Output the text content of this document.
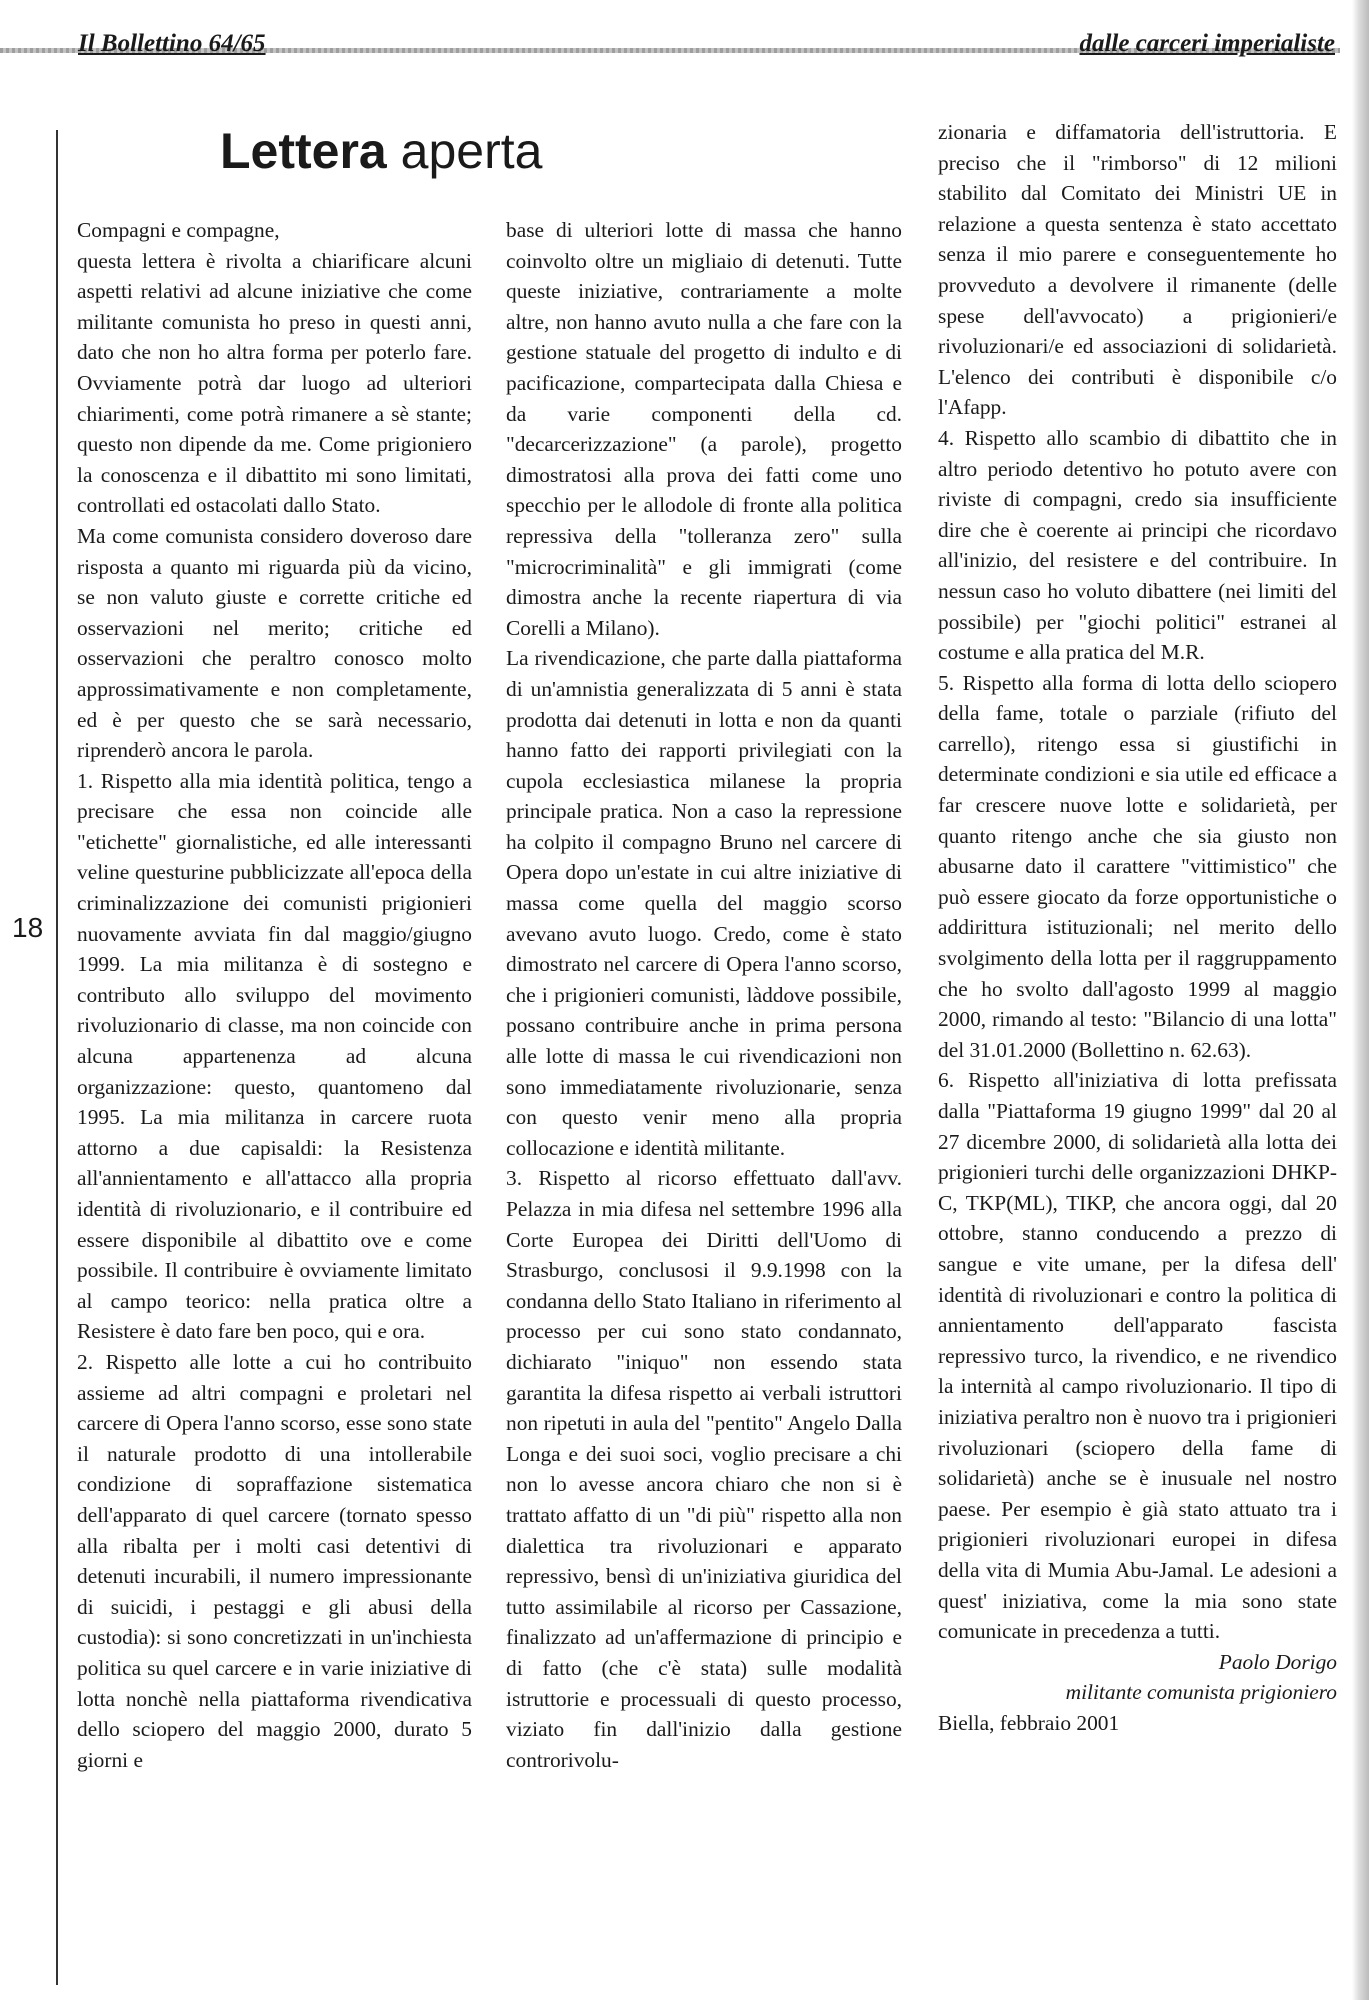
Il Bollettino 64/65	dalle carceri imperialiste
18
Lettera aperta

Compagni e compagne,

questa lettera è rivolta a chiarificare alcuni aspetti relativi ad alcune iniziative che come militante comunista ho preso in questi anni, dato che non ho altra forma per poterlo fare. Ovviamente potrà dar luogo ad ulteriori chiarimenti, come potrà rimanere a sè stante; questo non dipende da me. Come prigioniero la conoscenza e il dibattito mi sono limitati, controllati ed ostacolati dallo Stato.

Ma come comunista considero doveroso dare risposta a quanto mi riguarda più da vicino, se non valuto giuste e corrette critiche ed osservazioni nel merito; critiche ed osservazioni che peraltro conosco molto approssimativamente e non completamente, ed è per questo che se sarà necessario, riprenderò ancora le parola.

1. Rispetto alla mia identità politica, tengo a precisare che essa non coincide alle "etichette" giornalistiche, ed alle interessanti veline questurine pubblicizzate all'epoca della criminalizzazione dei comunisti prigionieri nuovamente avviata fin dal maggio/giugno 1999. La mia militanza è di sostegno e contributo allo sviluppo del movimento rivoluzionario di classe, ma non coincide con alcuna appartenenza ad alcuna organizzazione: questo, quantomeno dal 1995. La mia militanza in carcere ruota attorno a due capisaldi: la Resistenza all'annientamento e all'attacco alla propria identità di rivoluzionario, e il contribuire ed essere disponibile al dibattito ove e come possibile. Il contribuire è ovviamente limitato al campo teorico: nella pratica oltre a Resistere è dato fare ben poco, qui e ora.

2. Rispetto alle lotte a cui ho contribuito assieme ad altri compagni e proletari nel carcere di Opera l'anno scorso, esse sono state il naturale prodotto di una intollerabile condizione di sopraffazione sistematica dell'apparato di quel carcere (tornato spesso alla ribalta per i molti casi detentivi di detenuti incurabili, il numero impressionante di suicidi, i pestaggi e gli abusi della custodia): si sono concretizzati in un'inchiesta politica su quel carcere e in varie iniziative di lotta nonchè nella piattaforma rivendicativa dello sciopero del maggio 2000, durato 5 giorni e

base di ulteriori lotte di massa che hanno coinvolto oltre un migliaio di detenuti. Tutte queste iniziative, contrariamente a molte altre, non hanno avuto nulla a che fare con la gestione statuale del progetto di indulto e di pacificazione, compartecipata dalla Chiesa e da varie componenti della cd. "decarcerizzazione" (a parole), progetto dimostratosi alla prova dei fatti come uno specchio per le allodole di fronte alla politica repressiva della "tolleranza zero" sulla "microcriminalità" e gli immigrati (come dimostra anche la recente riapertura di via Corelli a Milano).

La rivendicazione, che parte dalla piattaforma di un'amnistia generalizzata di 5 anni è stata prodotta dai detenuti in lotta e non da quanti hanno fatto dei rapporti privilegiati con la cupola ecclesiastica milanese la propria principale pratica. Non a caso la repressione ha colpito il compagno Bruno nel carcere di Opera dopo un'estate in cui altre iniziative di massa come quella del maggio scorso avevano avuto luogo. Credo, come è stato dimostrato nel carcere di Opera l'anno scorso, che i prigionieri comunisti, làddove possibile, possano contribuire anche in prima persona alle lotte di massa le cui rivendicazioni non sono immediatamente rivoluzionarie, senza con questo venir meno alla propria collocazione e identità militante.

3. Rispetto al ricorso effettuato dall'avv. Pelazza in mia difesa nel settembre 1996 alla Corte Europea dei Diritti dell'Uomo di Strasburgo, conclusosi il 9.9.1998 con la condanna dello Stato Italiano in riferimento al processo per cui sono stato condannato, dichiarato "iniquo" non essendo stata garantita la difesa rispetto ai verbali istruttori non ripetuti in aula del "pentito" Angelo Dalla Longa e dei suoi soci, voglio precisare a chi non lo avesse ancora chiaro che non si è trattato affatto di un "di più" rispetto alla non dialettica tra rivoluzionari e apparato repressivo, bensì di un'iniziativa giuridica del tutto assimilabile al ricorso per Cassazione, finalizzato ad un'affermazione di principio e di fatto (che c'è stata) sulle modalità istruttorie e processuali di questo processo, viziato fin dall'inizio dalla gestione controrivolu-

zionaria e diffamatoria dell'istruttoria. E preciso che il "rimborso" di 12 milioni stabilito dal Comitato dei Ministri UE in relazione a questa sentenza è stato accettato senza il mio parere e conseguentemente ho provveduto a devolvere il rimanente (delle spese dell'avvocato) a prigionieri/e rivoluzionari/e ed associazioni di solidarietà. L'elenco dei contributi è disponibile c/o l'Afapp.

4. Rispetto allo scambio di dibattito che in altro periodo detentivo ho potuto avere con riviste di compagni, credo sia insufficiente dire che è coerente ai principi che ricordavo all'inizio, del resistere e del contribuire. In nessun caso ho voluto dibattere (nei limiti del possibile) per "giochi politici" estranei al costume e alla pratica del M.R.

5. Rispetto alla forma di lotta dello sciopero della fame, totale o parziale (rifiuto del carrello), ritengo essa si giustifichi in determinate condizioni e sia utile ed efficace a far crescere nuove lotte e solidarietà, per quanto ritengo anche che sia giusto non abusarne dato il carattere "vittimistico" che può essere giocato da forze opportunistiche o addirittura istituzionali; nel merito dello svolgimento della lotta per il raggruppamento che ho svolto dall'agosto 1999 al maggio 2000, rimando al testo: "Bilancio di una lotta" del 31.01.2000 (Bollettino n. 62.63).

6. Rispetto all'iniziativa di lotta prefissata dalla "Piattaforma 19 giugno 1999" dal 20 al 27 dicembre 2000, di solidarietà alla lotta dei prigionieri turchi delle organizzazioni DHKP-C, TKP(ML), TIKP, che ancora oggi, dal 20 ottobre, stanno conducendo a prezzo di sangue e vite umane, per la difesa dell' identità di rivoluzionari e contro la politica di annientamento dell'apparato fascista repressivo turco, la rivendico, e ne rivendico la internità al campo rivoluzionario. Il tipo di iniziativa peraltro non è nuovo tra i prigionieri rivoluzionari (sciopero della fame di solidarietà) anche se è inusuale nel nostro paese. Per esempio è già stato attuato tra i prigionieri rivoluzionari europei in difesa della vita di Mumia Abu-Jamal. Le adesioni a quest' iniziativa, come la mia sono state comunicate in precedenza a tutti.

Paolo Dorigo

militante comunista prigioniero

Biella, febbraio 2001
